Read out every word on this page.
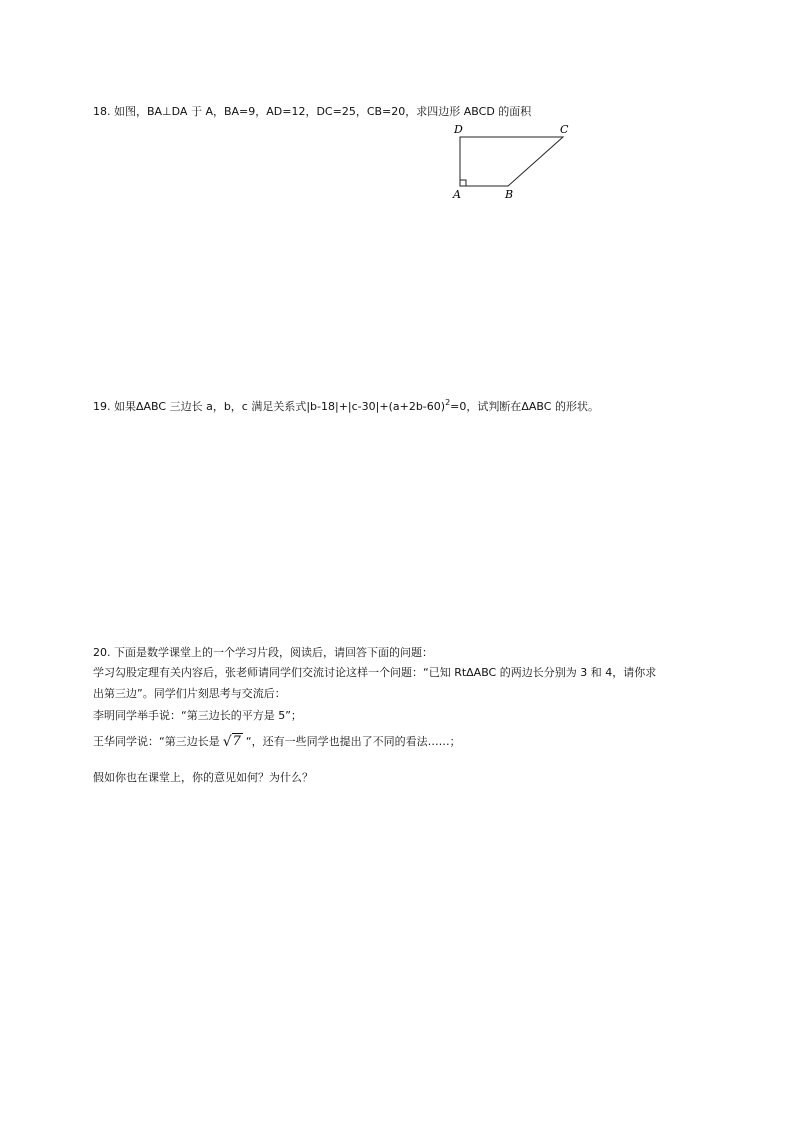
18. 如图，BA⊥DA 于 A，BA=9，AD=12，DC=25，CB=20，求四边形 ABCD 的面积
D	C
A	B
19. 如果ΔABC 三边长 a，b，c 满足关系式$|b-18|+|c-30|+(a+2b-60)^2=0$，试判断在ΔABC 的形状。
20. 下面是数学课堂上的一个学习片段，阅读后，请回答下面的问题：
学习勾股定理有关内容后，张老师请同学们交流讨论这样一个问题：“已知 RtΔABC 的两边长分别为 3 和 4，请你求
出第三边”。同学们片刻思考与交流后：
李明同学举手说：“第三边长的平方是 5”；
王华同学说：“第三边长是 √7 “，还有一些同学也提出了不同的看法……；
假如你也在课堂上，你的意见如何？为什么？
